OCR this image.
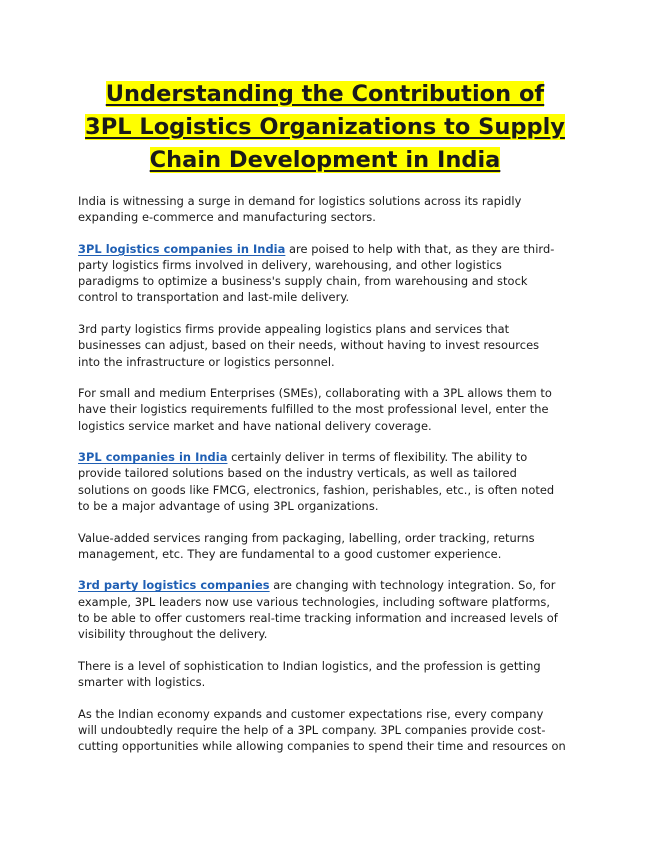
Understanding the Contribution of
3PL Logistics Organizations to Supply
Chain Development in India

India is witnessing a surge in demand for logistics solutions across its rapidly
expanding e-commerce and manufacturing sectors.

3PL logistics companies in India are poised to help with that, as they are third-
party logistics firms involved in delivery, warehousing, and other logistics
paradigms to optimize a business's supply chain, from warehousing and stock
control to transportation and last-mile delivery.

3rd party logistics firms provide appealing logistics plans and services that
businesses can adjust, based on their needs, without having to invest resources
into the infrastructure or logistics personnel.

For small and medium Enterprises (SMEs), collaborating with a 3PL allows them to
have their logistics requirements fulfilled to the most professional level, enter the
logistics service market and have national delivery coverage.

3PL companies in India certainly deliver in terms of flexibility. The ability to
provide tailored solutions based on the industry verticals, as well as tailored
solutions on goods like FMCG, electronics, fashion, perishables, etc., is often noted
to be a major advantage of using 3PL organizations.

Value-added services ranging from packaging, labelling, order tracking, returns
management, etc. They are fundamental to a good customer experience.

3rd party logistics companies are changing with technology integration. So, for
example, 3PL leaders now use various technologies, including software platforms,
to be able to offer customers real-time tracking information and increased levels of
visibility throughout the delivery.

There is a level of sophistication to Indian logistics, and the profession is getting
smarter with logistics.

As the Indian economy expands and customer expectations rise, every company
will undoubtedly require the help of a 3PL company. 3PL companies provide cost-
cutting opportunities while allowing companies to spend their time and resources on
